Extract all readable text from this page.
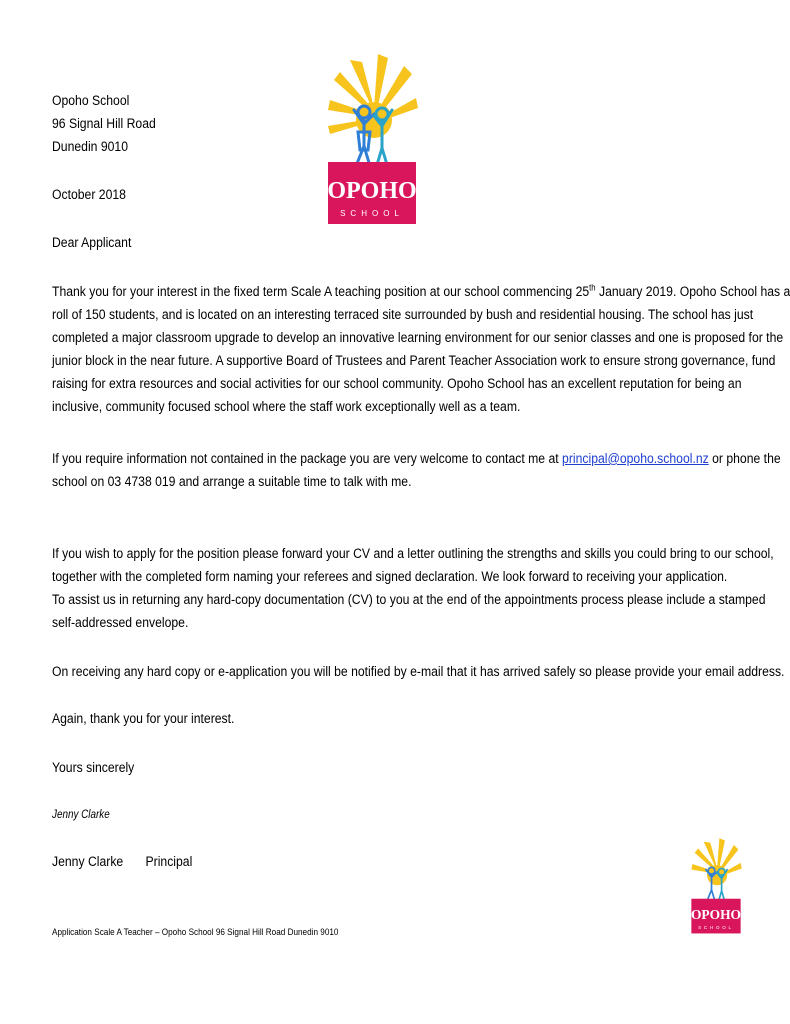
OPOHO
SCHOOL
Opoho School
96 Signal Hill Road
Dunedin 9010
October 2018
Dear Applicant
Thank you for your interest in the fixed term Scale A teaching position at our school commencing 25th January 2019. Opoho School has a
roll of 150 students, and is located on an interesting terraced site surrounded by bush and residential housing. The school has just
completed a major classroom upgrade to develop an innovative learning environment for our senior classes and one is proposed for the
junior block in the near future. A supportive Board of Trustees and Parent Teacher Association work to ensure strong governance, fund
raising for extra resources and social activities for our school community. Opoho School has an excellent reputation for being an
inclusive, community focused school where the staff work exceptionally well as a team.
If you require information not contained in the package you are very welcome to contact me at principal@opoho.school.nz or phone the
school on 03 4738 019 and arrange a suitable time to talk with me.
If you wish to apply for the position please forward your CV and a letter outlining the strengths and skills you could bring to our school,
together with the completed form naming your referees and signed declaration. We look forward to receiving your application.
To assist us in returning any hard-copy documentation (CV) to you at the end of the appointments process please include a stamped
self-addressed envelope.
On receiving any hard copy or e-application you will be notified by e-mail that it has arrived safely so please provide your email address.
Again, thank you for your interest.
Yours sincerely
Jenny Clarke
Jenny Clarke Principal
Application Scale A Teacher – Opoho School 96 Signal Hill Road Dunedin 9010
OPOHO
SCHOOL
